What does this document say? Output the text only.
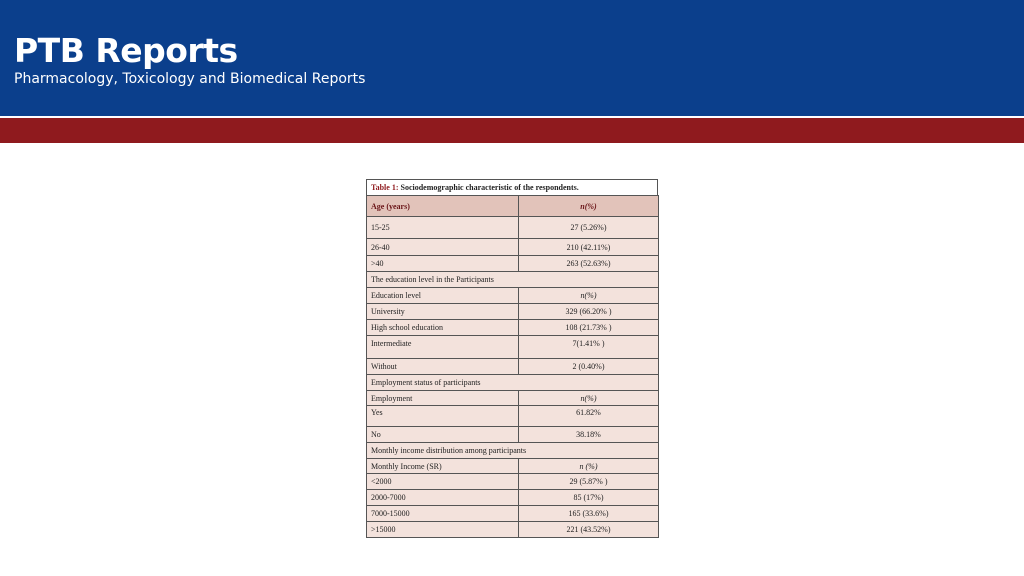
PTB Reports
Pharmacology, Toxicology and Biomedical Reports
Table 1: Sociodemographic characteristic of the respondents.
Age (years)	n(%)
15-25	27 (5.26%)
26-40	210 (42.11%)
>40	263 (52.63%)
The education level in the Participants	
Education level	n(%)
University	329 (66.20% )
High school education	108 (21.73% )
Intermediate	7(1.41% )
Without	2 (0.40%)
Employment status of participants	
Employment	n(%)
Yes	61.82%
No	38.18%
Monthly income distribution among participants	
Monthly Income (SR)	n (%)
<2000	29 (5.87% )
2000-7000	85 (17%)
7000-15000	165 (33.6%)
>15000	221 (43.52%)
